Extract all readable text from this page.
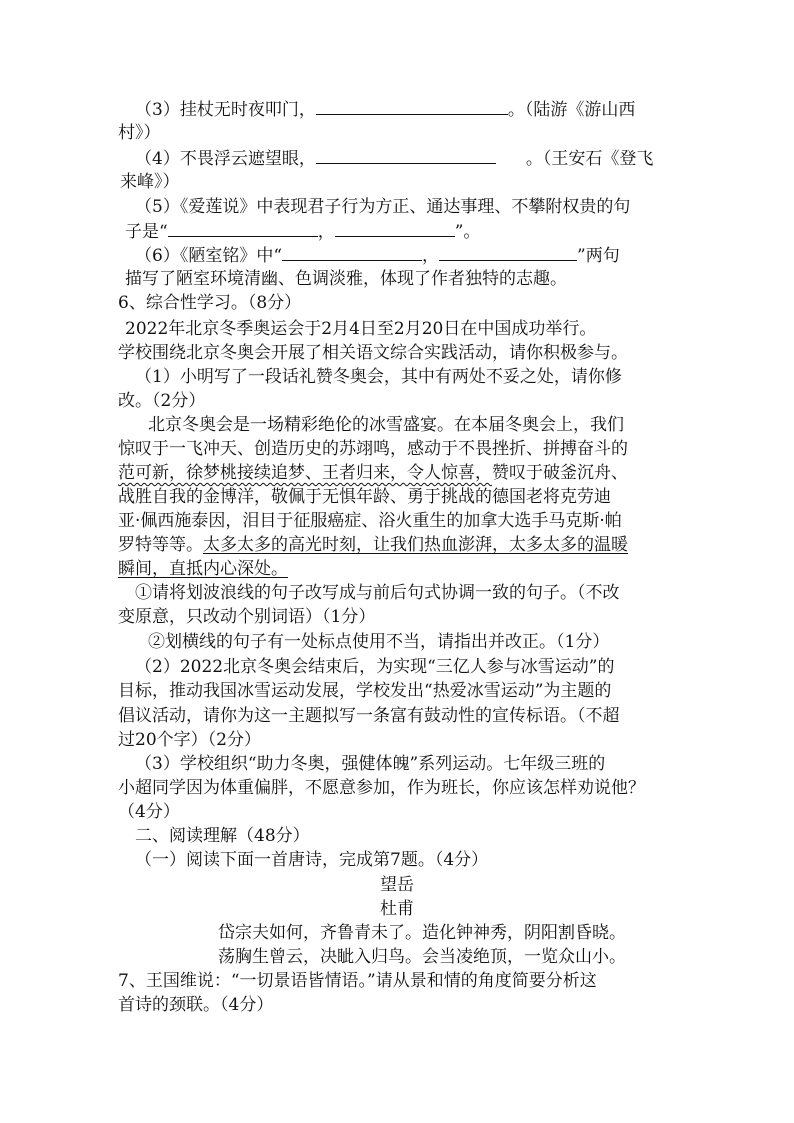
（3）挂杖无时夜叩门，	。（陆游《游山西
村》）
（4）不畏浮云遮望眼，	。（王安石《登飞
来峰》）
（5）《爱莲说》中表现君子行为方正、通达事理、不攀附权贵的句
子是“	，	”。
（6）《陋室铭》中“	，	”两句
描写了陋室环境清幽、色调淡雅，体现了作者独特的志趣。
6、综合性学习。（8分）
2022年北京冬季奥运会于2月4日至2月20日在中国成功举行。
学校围绕北京冬奥会开展了相关语文综合实践活动，请你积极参与。
（1）小明写了一段话礼赞冬奥会，其中有两处不妥之处，请你修
改。（2分）
北京冬奥会是一场精彩绝伦的冰雪盛宴。在本届冬奥会上，我们
惊叹于一飞冲天、创造历史的苏翊鸣，感动于不畏挫折、拼搏奋斗的
范可新，徐梦桃接续追梦、王者归来，令人惊喜，赞叹于破釜沉舟、
战胜自我的金博洋，敬佩于无惧年龄、勇于挑战的德国老将克劳迪
亚·佩西施泰因，泪目于征服癌症、浴火重生的加拿大选手马克斯·帕
罗特等等。太多太多的高光时刻，让我们热血澎湃，太多太多的温暖
瞬间，直抵内心深处。
①请将划波浪线的句子改写成与前后句式协调一致的句子。（不改
变原意，只改动个别词语）（1分）
②划横线的句子有一处标点使用不当，请指出并改正。（1分）
（2）2022北京冬奥会结束后，为实现“三亿人参与冰雪运动”的
目标，推动我国冰雪运动发展，学校发出“热爱冰雪运动”为主题的
倡议活动，请你为这一主题拟写一条富有鼓动性的宣传标语。（不超
过20个字）（2分）
（3）学校组织“助力冬奥，强健体魄”系列运动。七年级三班的
小超同学因为体重偏胖，不愿意参加，作为班长，你应该怎样劝说他？
（4分）
二、阅读理解（48分）
（一）阅读下面一首唐诗，完成第7题。（4分）
望岳
杜甫
岱宗夫如何，齐鲁青未了。造化钟神秀，阴阳割昏晓。
荡胸生曾云，决眦入归鸟。会当凌绝顶，一览众山小。
7、王国维说：“一切景语皆情语。”请从景和情的角度简要分析这
首诗的颈联。（4分）
